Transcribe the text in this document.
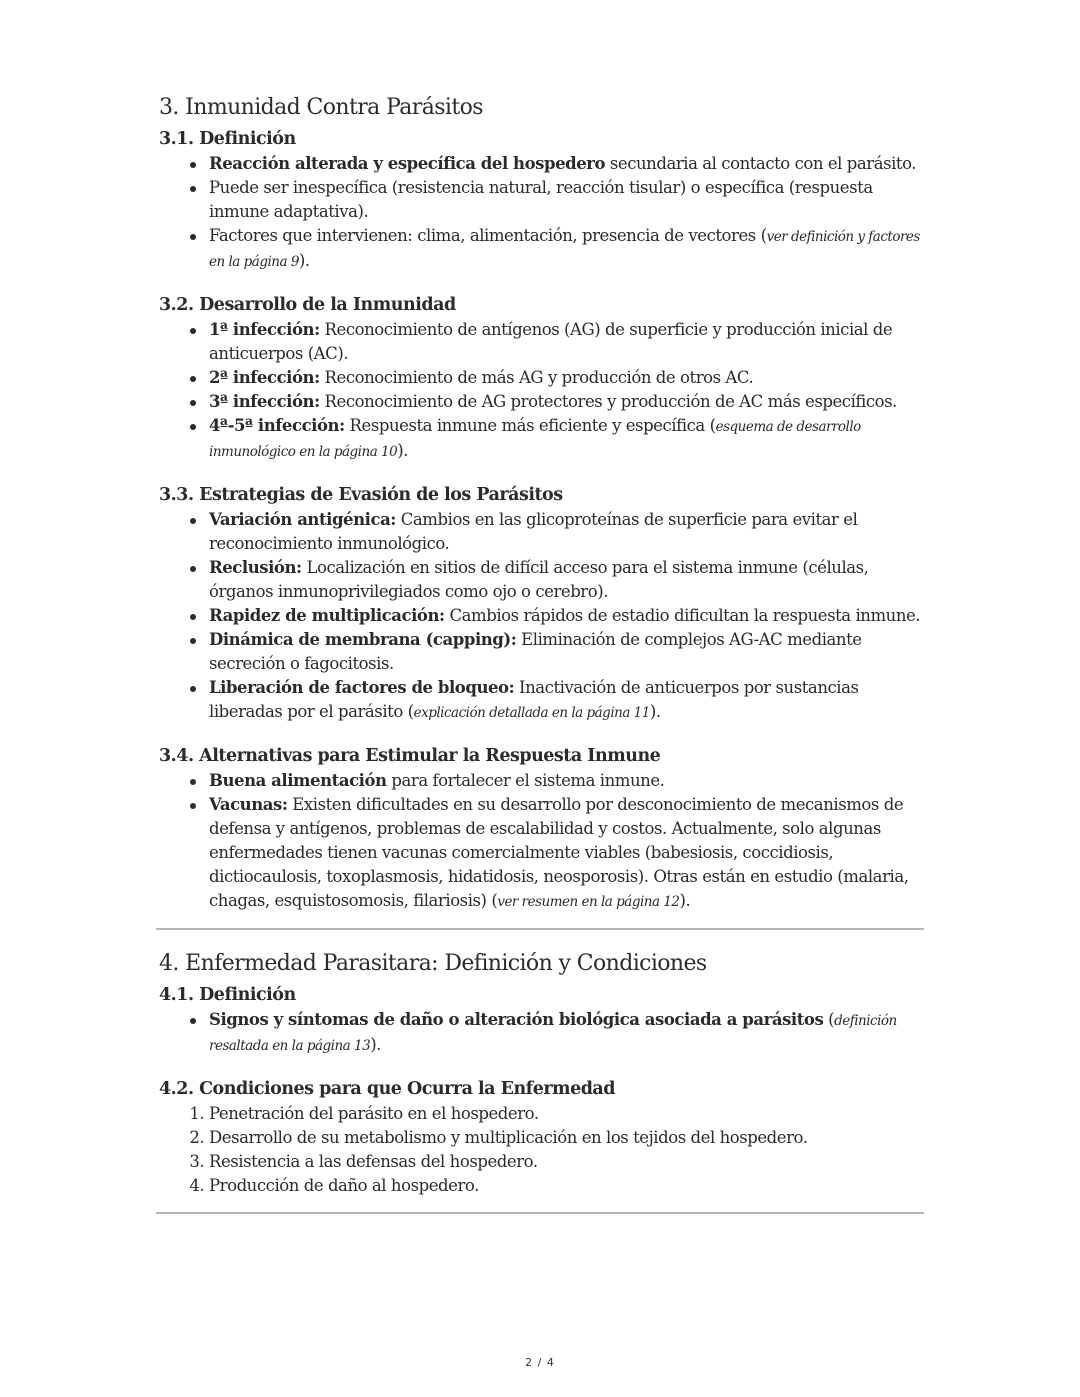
3. Inmunidad Contra Parásitos
3.1. Definición
Reacción alterada y específica del hospedero secundaria al contacto con el parásito.
Puede ser inespecífica (resistencia natural, reacción tisular) o específica (respuesta inmune adaptativa).
Factores que intervienen: clima, alimentación, presencia de vectores (ver definición y factores en la página 9).
3.2. Desarrollo de la Inmunidad
1ª infección: Reconocimiento de antígenos (AG) de superficie y producción inicial de anticuerpos (AC).
2ª infección: Reconocimiento de más AG y producción de otros AC.
3ª infección: Reconocimiento de AG protectores y producción de AC más específicos.
4ª-5ª infección: Respuesta inmune más eficiente y específica (esquema de desarrollo inmunológico en la página 10).
3.3. Estrategias de Evasión de los Parásitos
Variación antigénica: Cambios en las glicoproteínas de superficie para evitar el reconocimiento inmunológico.
Reclusión: Localización en sitios de difícil acceso para el sistema inmune (células, órganos inmunoprivilegiados como ojo o cerebro).
Rapidez de multiplicación: Cambios rápidos de estadio dificultan la respuesta inmune.
Dinámica de membrana (capping): Eliminación de complejos AG-AC mediante secreción o fagocitosis.
Liberación de factores de bloqueo: Inactivación de anticuerpos por sustancias liberadas por el parásito (explicación detallada en la página 11).
3.4. Alternativas para Estimular la Respuesta Inmune
Buena alimentación para fortalecer el sistema inmune.
Vacunas: Existen dificultades en su desarrollo por desconocimiento de mecanismos de defensa y antígenos, problemas de escalabilidad y costos. Actualmente, solo algunas enfermedades tienen vacunas comercialmente viables (babesiosis, coccidiosis, dictiocaulosis, toxoplasmosis, hidatidosis, neosporosis). Otras están en estudio (malaria, chagas, esquistosomosis, filariosis) (ver resumen en la página 12).
4. Enfermedad Parasitara: Definición y Condiciones
4.1. Definición
Signos y síntomas de daño o alteración biológica asociada a parásitos (definición resaltada en la página 13).
4.2. Condiciones para que Ocurra la Enfermedad
1. Penetración del parásito en el hospedero.
2. Desarrollo de su metabolismo y multiplicación en los tejidos del hospedero.
3. Resistencia a las defensas del hospedero.
4. Producción de daño al hospedero.
2 / 4
